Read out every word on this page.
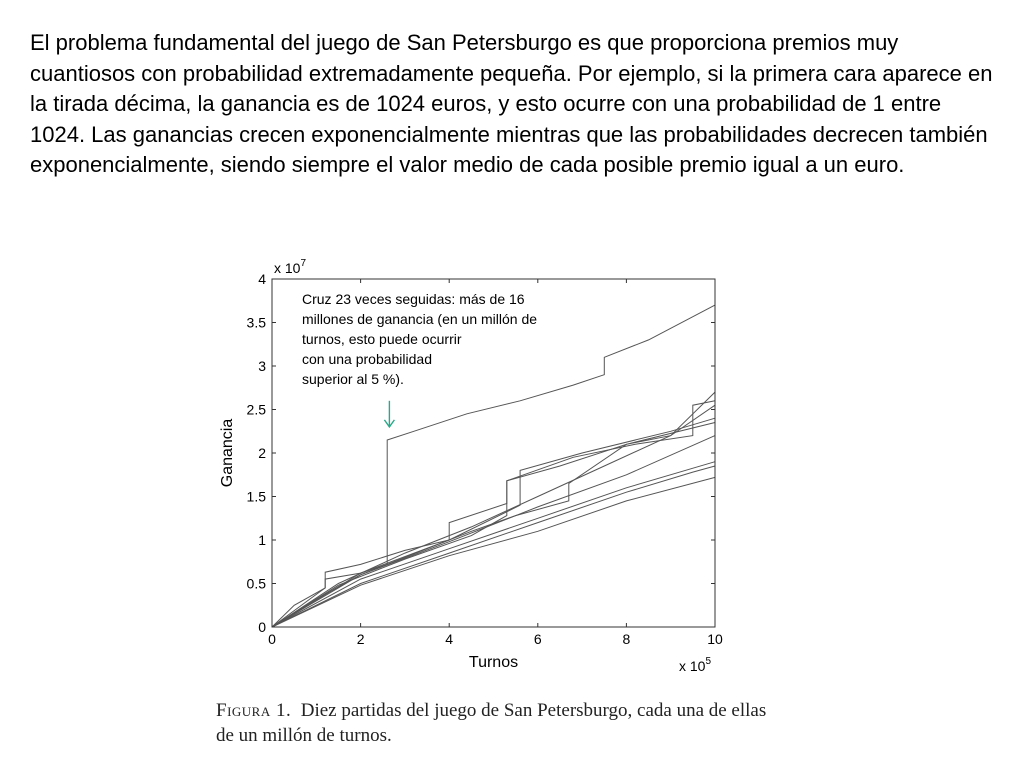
El problema fundamental del juego de San Petersburgo es que proporciona premios muy cuantiosos con probabilidad extremadamente pequeña. Por ejemplo, si la primera cara aparece en la tirada décima, la ganancia es de 1024 euros, y esto ocurre con una probabilidad de 1 entre 1024. Las ganancias crecen exponencialmente mientras que las probabilidades decrecen también exponencialmente, siendo siempre el valor medio de cada posible premio igual a un euro.

0	2	4	6	8	10
0
0.5
1
1.5
2
2.5
3
3.5
4
Turnos
Ganancia
x $10^7$
x $10^5$
Cruz 23 veces seguidas: más de 16
millones de ganancia (en un millón de
turnos, esto puede ocurrir
con una probabilidad
superior al 5 %).

Figura 1. Diez partidas del juego de San Petersburgo, cada una de ellas de un millón de turnos.
